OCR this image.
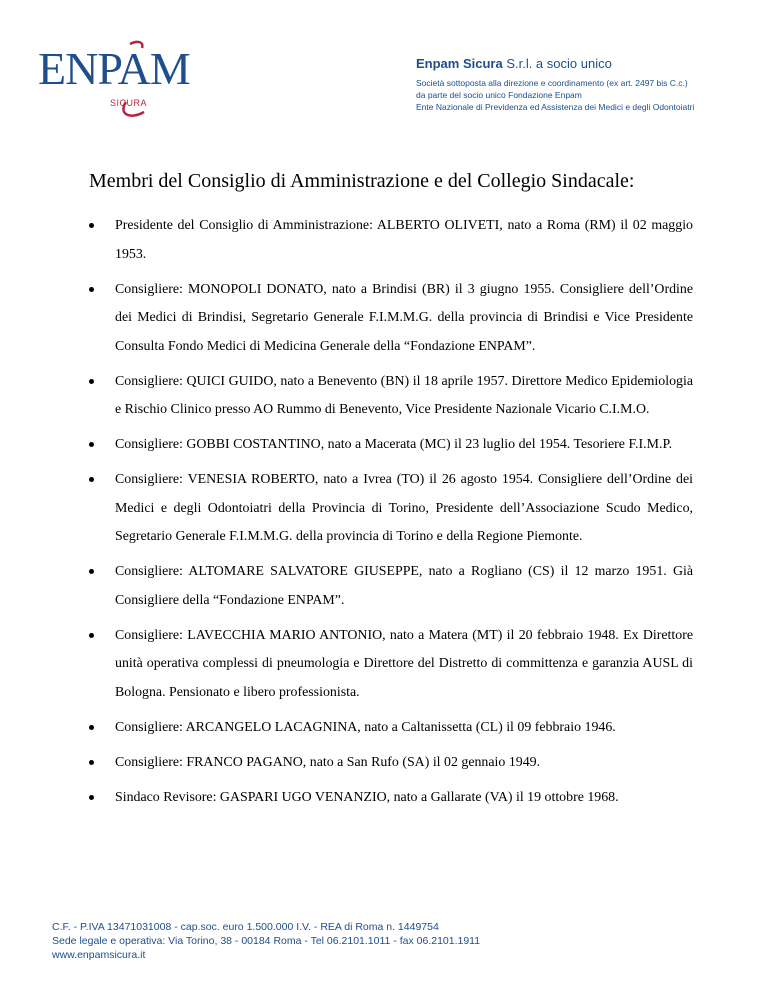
ENPAM
SICURA

Enpam Sicura S.r.l. a socio unico

Società sottoposta alla direzione e coordinamento (ex art. 2497 bis C.c.)

da parte del socio unico Fondazione Enpam

Ente Nazionale di Previdenza ed Assistenza dei Medici e degli Odontoiatri

Membri del Consiglio di Amministrazione e del Collegio Sindacale:
Presidente del Consiglio di Amministrazione: ALBERTO OLIVETI, nato a Roma (RM) il 02 maggio 1953.
Consigliere: MONOPOLI DONATO, nato a Brindisi (BR) il 3 giugno 1955. Consigliere dell’Ordine dei Medici di Brindisi, Segretario Generale F.I.M.M.G. della provincia di Brindisi e Vice Presidente Consulta Fondo Medici di Medicina Generale della “Fondazione ENPAM”.
Consigliere: QUICI GUIDO, nato a Benevento (BN) il 18 aprile 1957. Direttore Medico Epidemiologia e Rischio Clinico presso AO Rummo di Benevento, Vice Presidente Nazionale Vicario C.I.M.O.
Consigliere: GOBBI COSTANTINO, nato a Macerata (MC) il 23 luglio del 1954. Tesoriere F.I.M.P.
Consigliere: VENESIA ROBERTO, nato a Ivrea (TO) il 26 agosto 1954. Consigliere dell’Ordine dei Medici e degli Odontoiatri della Provincia di Torino, Presidente dell’Associazione Scudo Medico, Segretario Generale F.I.M.M.G. della provincia di Torino e della Regione Piemonte.
Consigliere: ALTOMARE SALVATORE GIUSEPPE, nato a Rogliano (CS) il 12 marzo 1951. Già Consigliere della “Fondazione ENPAM”.
Consigliere: LAVECCHIA MARIO ANTONIO, nato a Matera (MT) il 20 febbraio 1948. Ex Direttore unità operativa complessi di pneumologia e Direttore del Distretto di committenza e garanzia AUSL di Bologna. Pensionato e libero professionista.
Consigliere: ARCANGELO LACAGNINA, nato a Caltanissetta (CL) il 09 febbraio 1946.
Consigliere: FRANCO PAGANO, nato a San Rufo (SA) il 02 gennaio 1949.
Sindaco Revisore: GASPARI UGO VENANZIO, nato a Gallarate (VA) il 19 ottobre 1968.

C.F. - P.IVA 13471031008 - cap.soc. euro 1.500.000 I.V. - REA di Roma n. 1449754

Sede legale e operativa: Via Torino, 38 - 00184 Roma - Tel 06.2101.1011 - fax 06.2101.1911

www.enpamsicura.it
